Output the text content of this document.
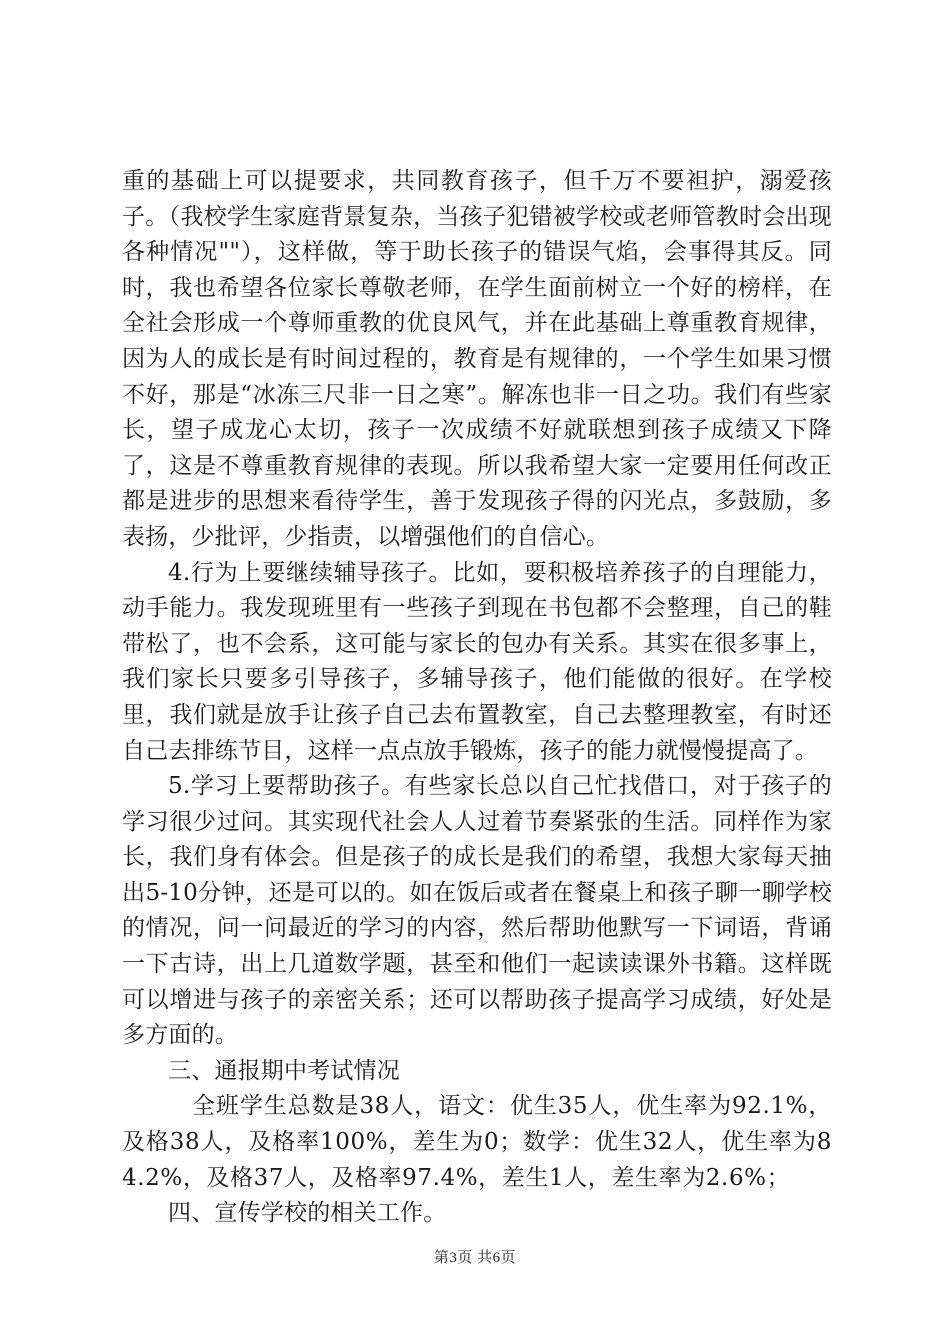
重的基础上可以提要求，共同教育孩子，但千万不要袒护，溺爱孩子。（我校学生家庭背景复杂，当孩子犯错被学校或老师管教时会出现各种情况""），这样做，等于助长孩子的错误气焰，会事得其反。同时，我也希望各位家长尊敬老师，在学生面前树立一个好的榜样，在全社会形成一个尊师重教的优良风气，并在此基础上尊重教育规律，因为人的成长是有时间过程的，教育是有规律的，一个学生如果习惯不好，那是“冰冻三尺非一日之寒”。解冻也非一日之功。我们有些家长，望子成龙心太切，孩子一次成绩不好就联想到孩子成绩又下降了，这是不尊重教育规律的表现。所以我希望大家一定要用任何改正都是进步的思想来看待学生，善于发现孩子得的闪光点，多鼓励，多表扬，少批评，少指责，以增强他们的自信心。

4.行为上要继续辅导孩子。比如，要积极培养孩子的自理能力，动手能力。我发现班里有一些孩子到现在书包都不会整理，自己的鞋带松了，也不会系，这可能与家长的包办有关系。其实在很多事上，我们家长只要多引导孩子，多辅导孩子，他们能做的很好。在学校里，我们就是放手让孩子自己去布置教室，自己去整理教室，有时还自己去排练节目，这样一点点放手锻炼，孩子的能力就慢慢提高了。

5.学习上要帮助孩子。有些家长总以自己忙找借口，对于孩子的学习很少过问。其实现代社会人人过着节奏紧张的生活。同样作为家长，我们身有体会。但是孩子的成长是我们的希望，我想大家每天抽出5-10分钟，还是可以的。如在饭后或者在餐桌上和孩子聊一聊学校的情况，问一问最近的学习的内容，然后帮助他默写一下词语，背诵一下古诗，出上几道数学题，甚至和他们一起读读课外书籍。这样既可以增进与孩子的亲密关系；还可以帮助孩子提高学习成绩，好处是多方面的。

三、通报期中考试情况

全班学生总数是38人，语文：优生35人，优生率为92.1%，及格38人，及格率100%，差生为0；数学：优生32人，优生率为84.2%，及格37人，及格率97.4%，差生1人，差生率为2.6%；

四、宣传学校的相关工作。

第3页 共6页
